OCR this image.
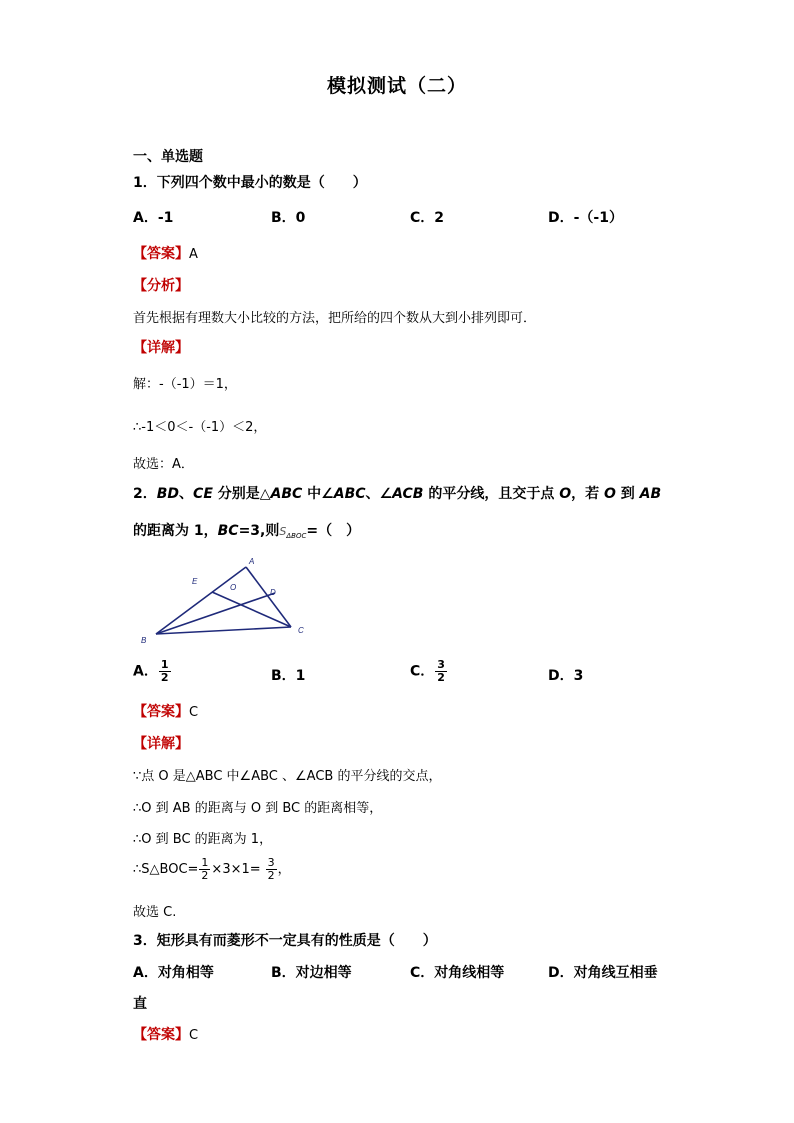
模拟测试（二）
一、单选题
1．下列四个数中最小的数是（　　）
A．-1	B．0	C．2	D．-（-1）
【答案】A
【分析】
首先根据有理数大小比较的方法，把所给的四个数从大到小排列即可．
【详解】
解：-（-1）＝1，
∴-1＜0＜-（-1）＜2，
故选：A．
2．BD、CE 分别是△ABC 中∠ABC、∠ACB 的平分线，且交于点 O，若 O 到 AB
的距离为 1，BC=3,则$S_{\Delta BOC}=$（　）
A
B
C
D
E
O
A． $\frac{1}{2}$	B．1	C． $\frac{3}{2}$	D．3
【答案】C
【详解】
∵点 O 是△ABC 中∠ABC 、∠ACB 的平分线的交点，
∴O 到 AB 的距离与 O 到 BC 的距离相等，
∴O 到 BC 的距离为 1，
∴S△BOC= $\frac{1}{2} \times 3\times 1= \frac{3}{2}$ ，
故选 C.
3．矩形具有而菱形不一定具有的性质是（　　）
A．对角相等	B．对边相等	C．对角线相等	D．对角线互相垂
直
【答案】C
